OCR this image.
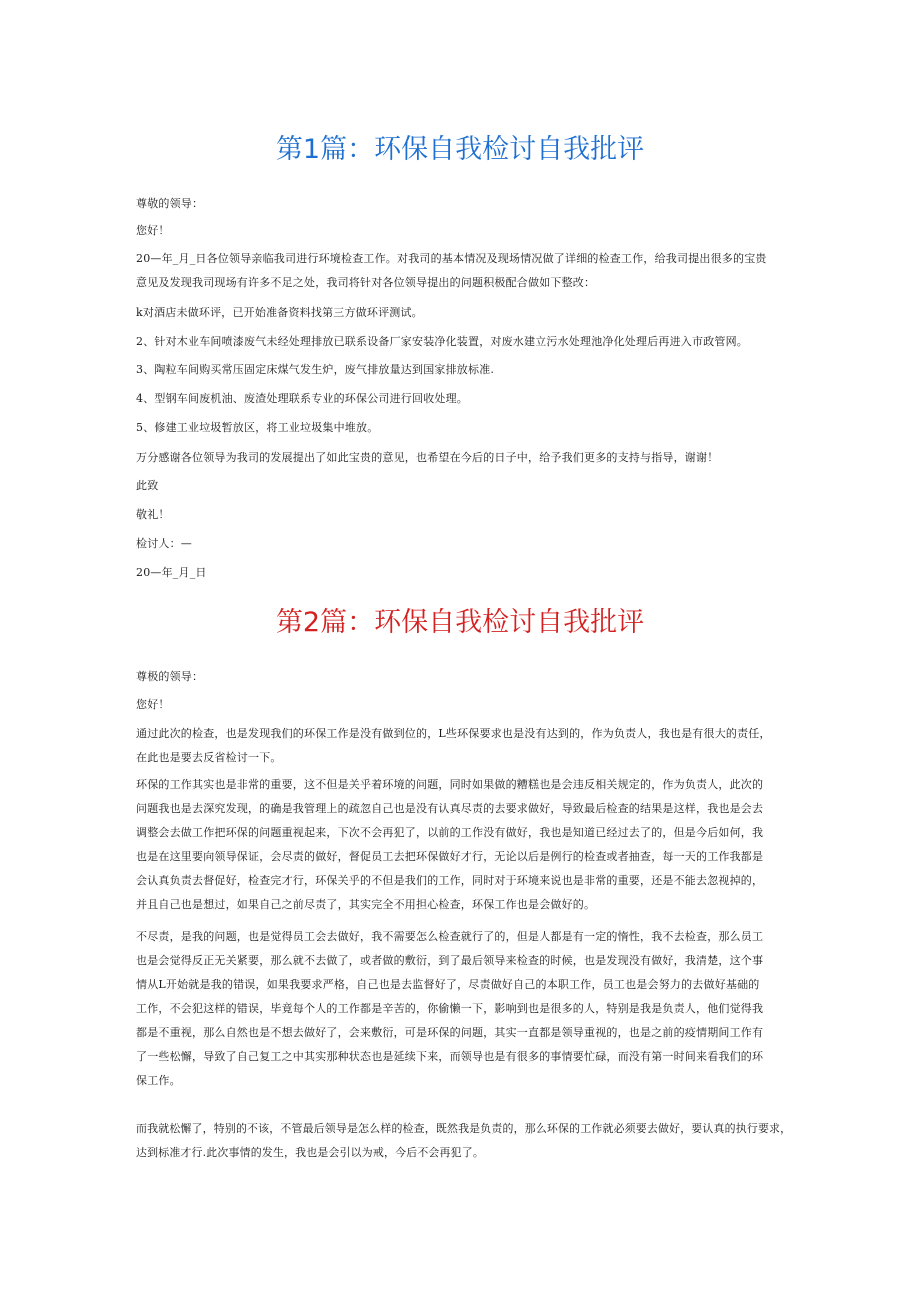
第1篇：环保自我检讨自我批评

尊敬的领导：

您好！

20—年_月_日各位领导亲临我司进行环境检查工作。对我司的基本情况及现场情况做了详细的检查工作，给我司提出很多的宝贵
意见及发现我司现场有许多不足之处，我司将针对各位领导提出的问题积极配合做如下整改：

k对酒店未做环评，已开始准备资料找第三方做环评测试。

2、针对木业车间喷漆废气未经处理排放已联系设备厂家安装净化装置，对废水建立污水处理池净化处理后再进入市政管网。

3、陶粒车间购买常压固定床煤气发生炉，废气排放量达到国家排放标准.

4、型钢车间废机油、废渣处理联系专业的环保公司进行回收处理。

5、修建工业垃圾暂放区，将工业垃圾集中堆放。

万分感谢各位领导为我司的发展提出了如此宝贵的意见，也希望在今后的日子中，给予我们更多的支持与指导，谢谢！

此致

敬礼！

检讨人：—

20—年_月_日

第2篇：环保自我检讨自我批评

尊极的领导：

您好！

通过此次的检查，也是发现我们的环保工作是没有做到位的，L些环保要求也是没有达到的，作为负责人，我也是有很大的责任，
在此也是要去反省检讨一下。

环保的工作其实也是非常的重要，这不但是关乎着环境的问题，同时如果做的糟糕也是会违反相关规定的，作为负责人，此次的
问题我也是去深究发现，的确是我管理上的疏忽自己也是没有认真尽责的去要求做好，导致最后检查的结果是这样，我也是会去
调整会去做工作把环保的问题重视起来，下次不会再犯了，以前的工作没有做好，我也是知道已经过去了的，但是今后如何，我
也是在这里要向领导保证，会尽责的做好，督促员工去把环保做好才行，无论以后是例行的检查或者抽查，每一天的工作我都是
会认真负责去督促好，检查完才行，环保关乎的不但是我们的工作，同时对于环境来说也是非常的重要，还是不能去忽视掉的，
并且自己也是想过，如果自己之前尽责了，其实完全不用担心检查，环保工作也是会做好的。

不尽责，是我的问题，也是觉得员工会去做好，我不需要怎么检查就行了的，但是人都是有一定的惰性，我不去检查，那么员工
也是会觉得反正无关紧要，那么就不去做了，或者做的敷衍，到了最后领导来检查的时候，也是发现没有做好，我清楚，这个事
情从L开始就是我的错误，如果我要求严格，自己也是去监督好了，尽责做好自己的本职工作，员工也是会努力的去做好基础的
工作，不会犯这样的错误，毕竟每个人的工作都是辛苦的，你偷懒一下，影响到也是很多的人，特别是我是负责人，他们觉得我
都是不重视，那么自然也是不想去做好了，会来敷衍，可是环保的问题，其实一直都是领导重视的，也是之前的疫情期间工作有
了一些松懈，导致了自己复工之中其实那种状态也是延续下来，而领导也是有很多的事情要忙碌，而没有第一时间来看我们的环
保工作。

而我就松懈了，特别的不该，不管最后领导是怎么样的检查，既然我是负责的，那么环保的工作就必须要去做好，要认真的执行要求，
达到标准才行.此次事情的发生，我也是会引以为戒，今后不会再犯了。
